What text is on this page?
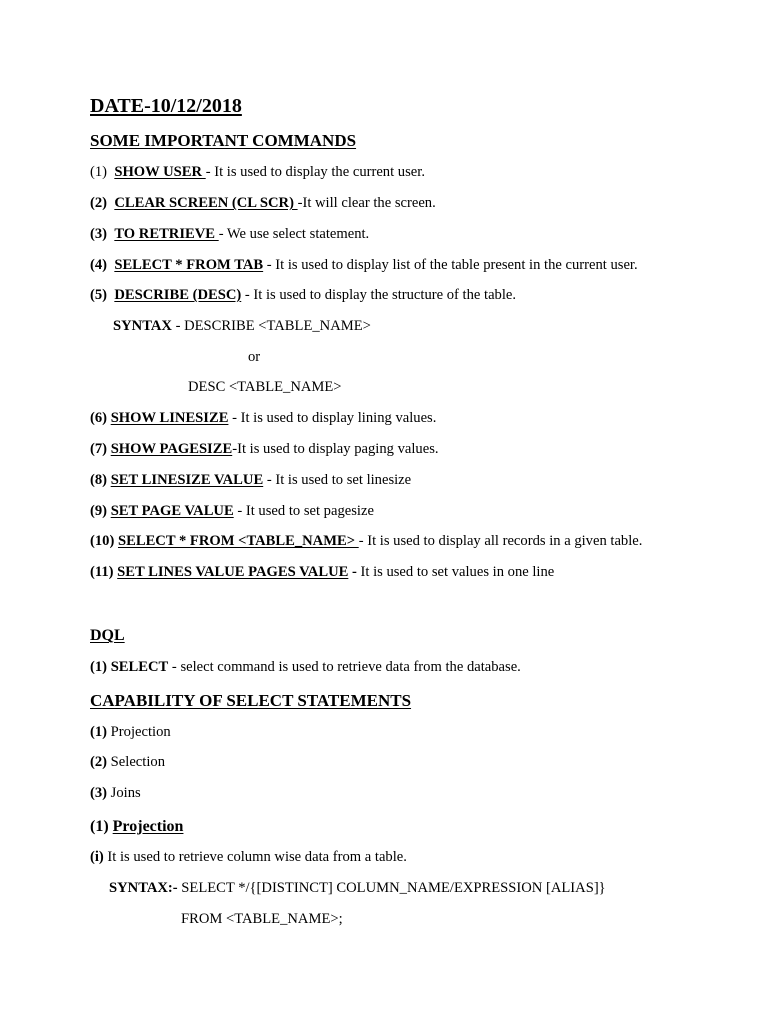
DATE-10/12/2018
SOME IMPORTANT COMMANDS
(1) SHOW USER - It is used to display the current user.
(2) CLEAR SCREEN (CL SCR) -It will clear the screen.
(3) TO RETRIEVE - We use select statement.
(4) SELECT * FROM TAB - It is used to display list of the table present in the current user.
(5) DESCRIBE (DESC) - It is used to display the structure of the table.
SYNTAX - DESCRIBE <TABLE_NAME>
or
DESC <TABLE_NAME>
(6) SHOW LINESIZE - It is used to display lining values.
(7) SHOW PAGESIZE-It is used to display paging values.
(8) SET LINESIZE VALUE - It is used to set linesize
(9) SET PAGE VALUE - It used to set pagesize
(10) SELECT * FROM <TABLE_NAME> - It is used to display all records in a given table.
(11) SET LINES VALUE PAGES VALUE - It is used to set values in one line
DQL
(1) SELECT - select command is used to retrieve data from the database.
CAPABILITY OF SELECT STATEMENTS
(1) Projection
(2) Selection
(3) Joins
(1) Projection
(i) It is used to retrieve column wise data from a table.
SYNTAX:- SELECT */{[DISTINCT] COLUMN_NAME/EXPRESSION [ALIAS]}
FROM <TABLE_NAME>;
